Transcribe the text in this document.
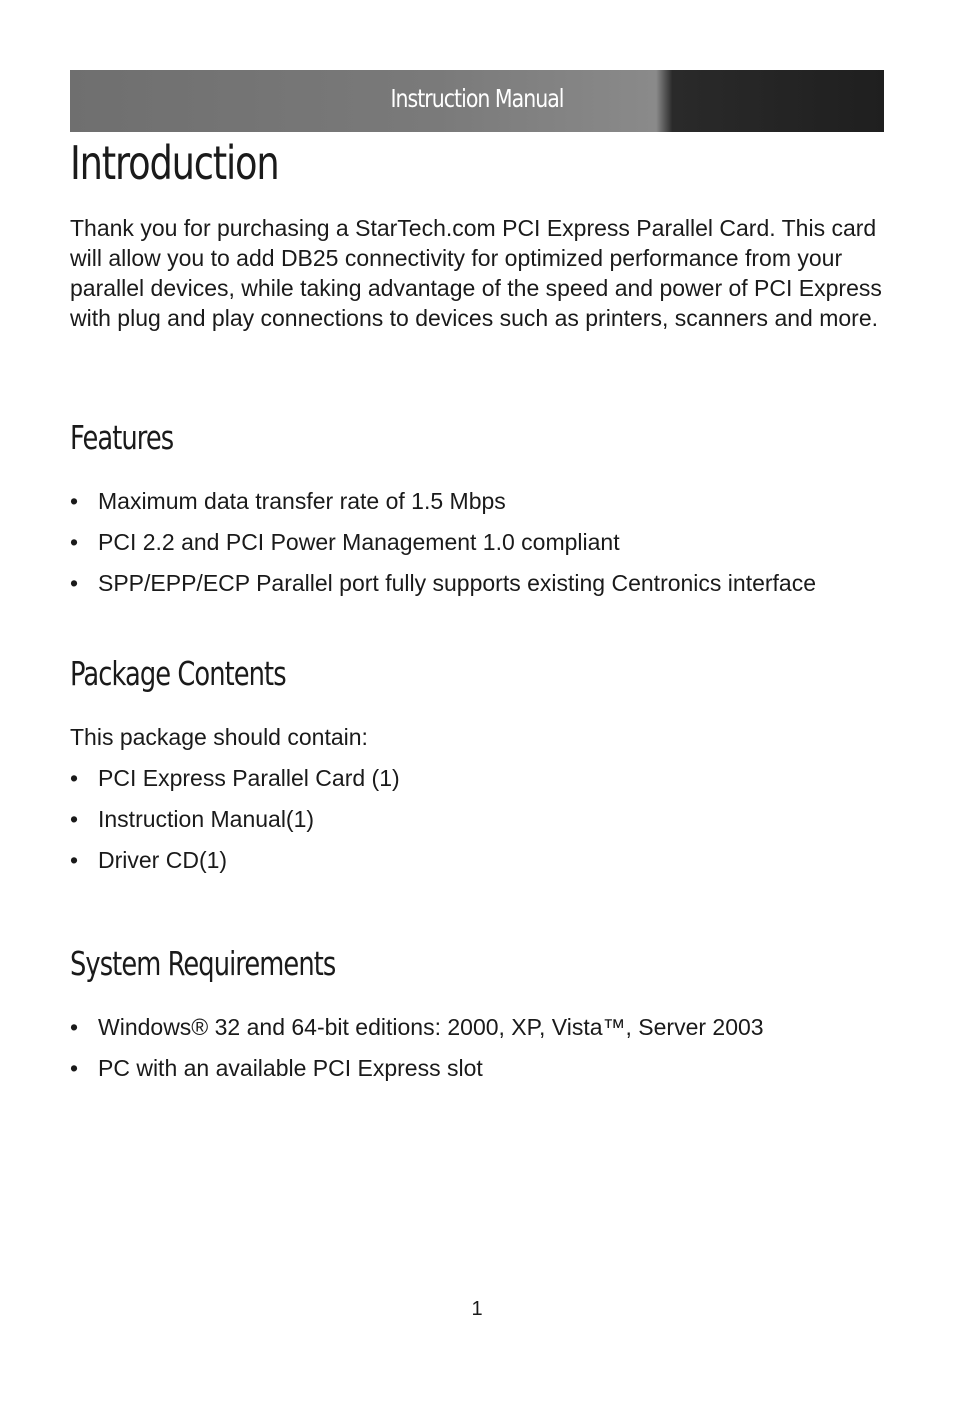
Instruction Manual
Introduction

Thank you for purchasing a StarTech.com PCI Express Parallel Card. This card will allow you to add DB25 connectivity for optimized performance from your parallel devices, while taking advantage of the speed and power of PCI Express with plug and play connections to devices such as printers, scanners and more.

Features
• Maximum data transfer rate of 1.5 Mbps
• PCI 2.2 and PCI Power Management 1.0 compliant
• SPP/EPP/ECP Parallel port fully supports existing Centronics interface
Package Contents

This package should contain:

• PCI Express Parallel Card (1)
• Instruction Manual(1)
• Driver CD(1)
System Requirements
• Windows® 32 and 64-bit editions: 2000, XP, Vista™, Server 2003
• PC with an available PCI Express slot
1
